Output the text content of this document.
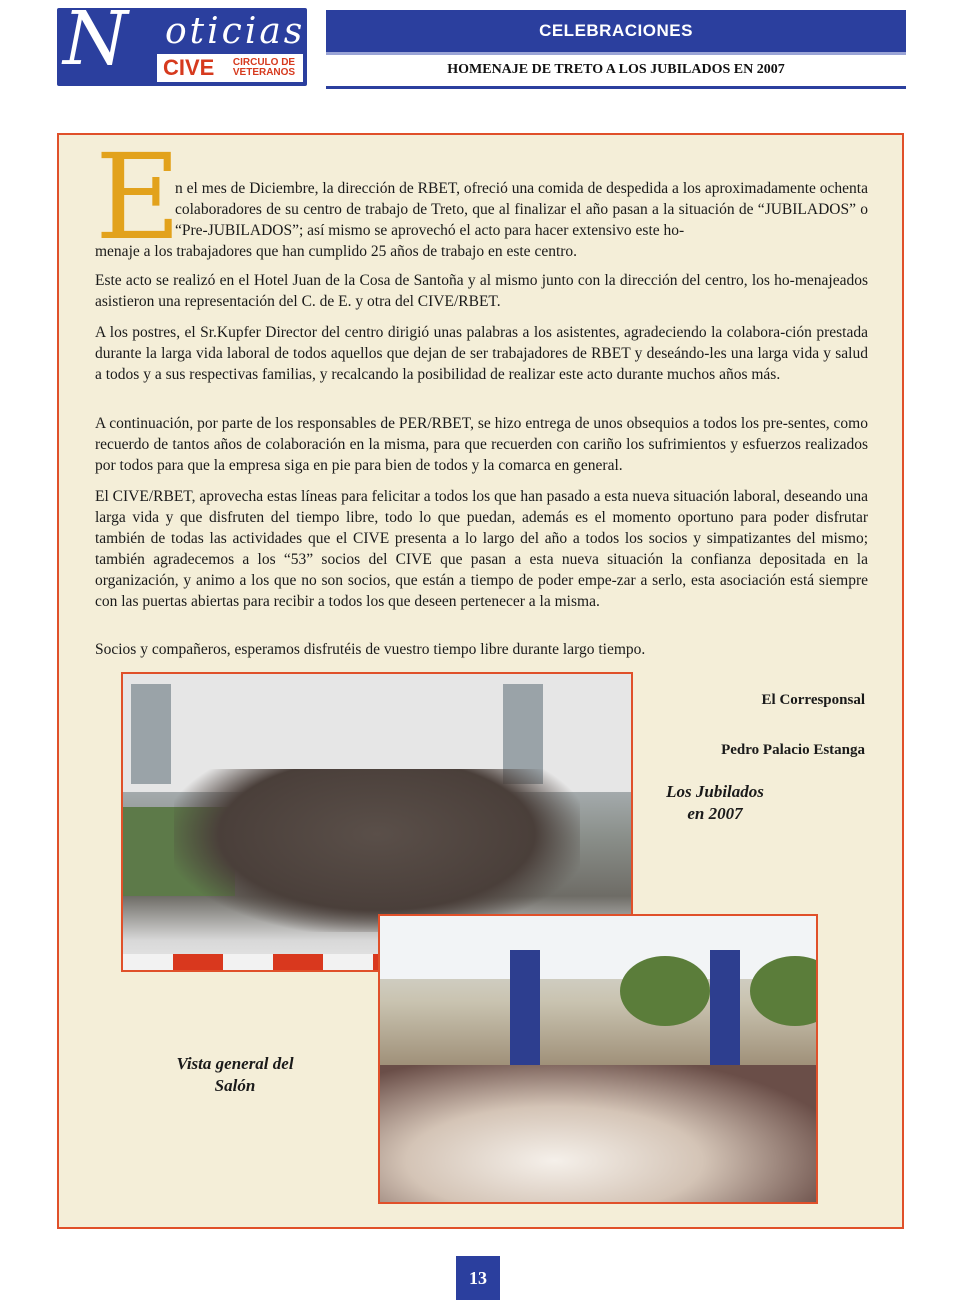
N oticias
CIVE	CIRCULO DE VETERANOS
CELEBRACIONES
HOMENAJE DE TRETO A LOS JUBILADOS EN 2007
E

n el mes de Diciembre, la dirección de RBET, ofreció una comida de despedida a los aproximadamente ochenta colaboradores de su centro de trabajo de Treto, que al finalizar el año pasan a la situación de “JUBILADOS” o “Pre-JUBILADOS”; así mismo se aprovechó el acto para hacer extensivo este ho-

menaje a los trabajadores que han cumplido 25 años de trabajo en este centro.

Este acto se realizó en el Hotel Juan de la Cosa de Santoña y al mismo junto con la dirección del centro, los ho-menajeados asistieron una representación del C. de E. y otra del CIVE/RBET.

A los postres, el Sr.Kupfer Director del centro dirigió unas palabras a los asistentes, agradeciendo la colabora-ción prestada durante la larga vida laboral de todos aquellos que dejan de ser trabajadores de RBET y deseándo-les una larga vida y salud a todos y a sus respectivas familias, y recalcando la posibilidad de realizar este acto durante muchos años más.

A continuación, por parte de los responsables de PER/RBET, se hizo entrega de unos obsequios a todos los pre-sentes, como recuerdo de tantos años de colaboración en la misma, para que recuerden con cariño los sufrimientos y esfuerzos realizados por todos para que la empresa siga en pie para bien de todos y la comarca en general.

El CIVE/RBET, aprovecha estas líneas para felicitar a todos los que han pasado a esta nueva situación laboral, deseando una larga vida y que disfruten del tiempo libre, todo lo que puedan, además es el momento oportuno para poder disfrutar también de todas las actividades que el CIVE presenta a lo largo del año a todos los socios y simpatizantes del mismo; también agradecemos a los “53” socios del CIVE que pasan a esta nueva situación la confianza depositada en la organización, y animo a los que no son socios, que están a tiempo de poder empe-zar a serlo, esta asociación está siempre con las puertas abiertas para recibir a todos los que deseen pertenecer a la misma.

Socios y compañeros, esperamos disfrutéis de vuestro tiempo libre durante largo tiempo.

El Corresponsal
Pedro Palacio Estanga
Los Jubilados
en 2007
Vista general del
Salón
13
